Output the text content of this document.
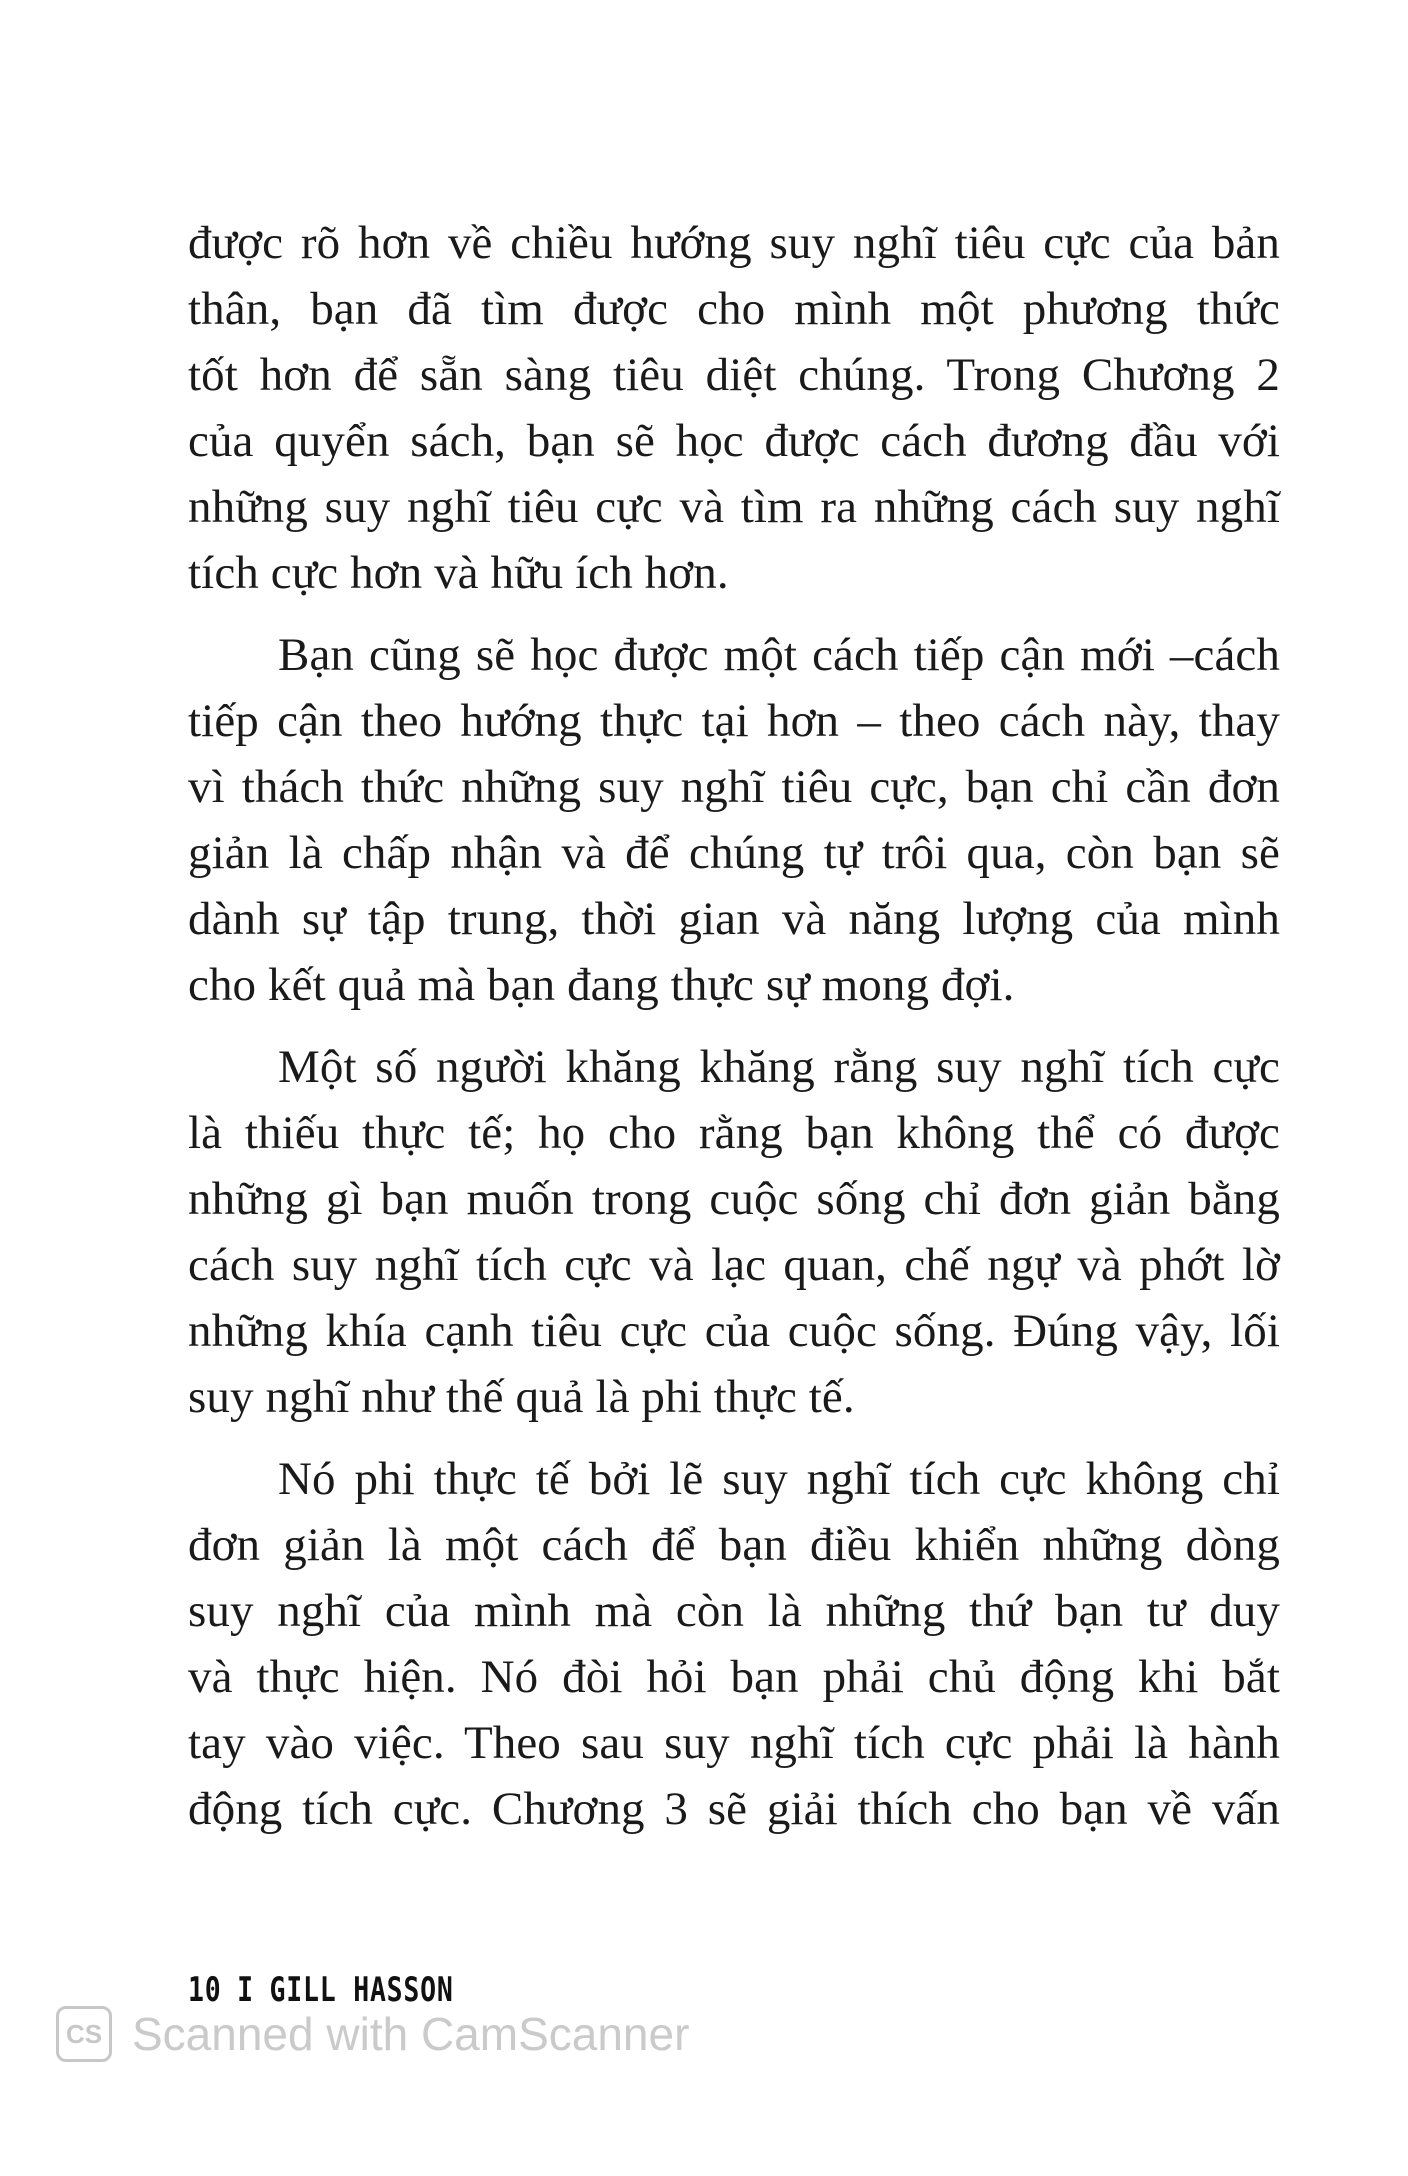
được rõ hơn về chiều hướng suy nghĩ tiêu cực của bản
thân, bạn đã tìm được cho mình một phương thức
tốt hơn để sẵn sàng tiêu diệt chúng. Trong Chương 2
của quyển sách, bạn sẽ học được cách đương đầu với
những suy nghĩ tiêu cực và tìm ra những cách suy nghĩ
tích cực hơn và hữu ích hơn.
Bạn cũng sẽ học được một cách tiếp cận mới –cách
tiếp cận theo hướng thực tại hơn – theo cách này, thay
vì thách thức những suy nghĩ tiêu cực, bạn chỉ cần đơn
giản là chấp nhận và để chúng tự trôi qua, còn bạn sẽ
dành sự tập trung, thời gian và năng lượng của mình
cho kết quả mà bạn đang thực sự mong đợi.
Một số người khăng khăng rằng suy nghĩ tích cực
là thiếu thực tế; họ cho rằng bạn không thể có được
những gì bạn muốn trong cuộc sống chỉ đơn giản bằng
cách suy nghĩ tích cực và lạc quan, chế ngự và phớt lờ
những khía cạnh tiêu cực của cuộc sống. Đúng vậy, lối
suy nghĩ như thế quả là phi thực tế.
Nó phi thực tế bởi lẽ suy nghĩ tích cực không chỉ
đơn giản là một cách để bạn điều khiển những dòng
suy nghĩ của mình mà còn là những thứ bạn tư duy
và thực hiện. Nó đòi hỏi bạn phải chủ động khi bắt
tay vào việc. Theo sau suy nghĩ tích cực phải là hành
động tích cực. Chương 3 sẽ giải thích cho bạn về vấn
10 I GILL HASSON
CS Scanned with CamScanner
